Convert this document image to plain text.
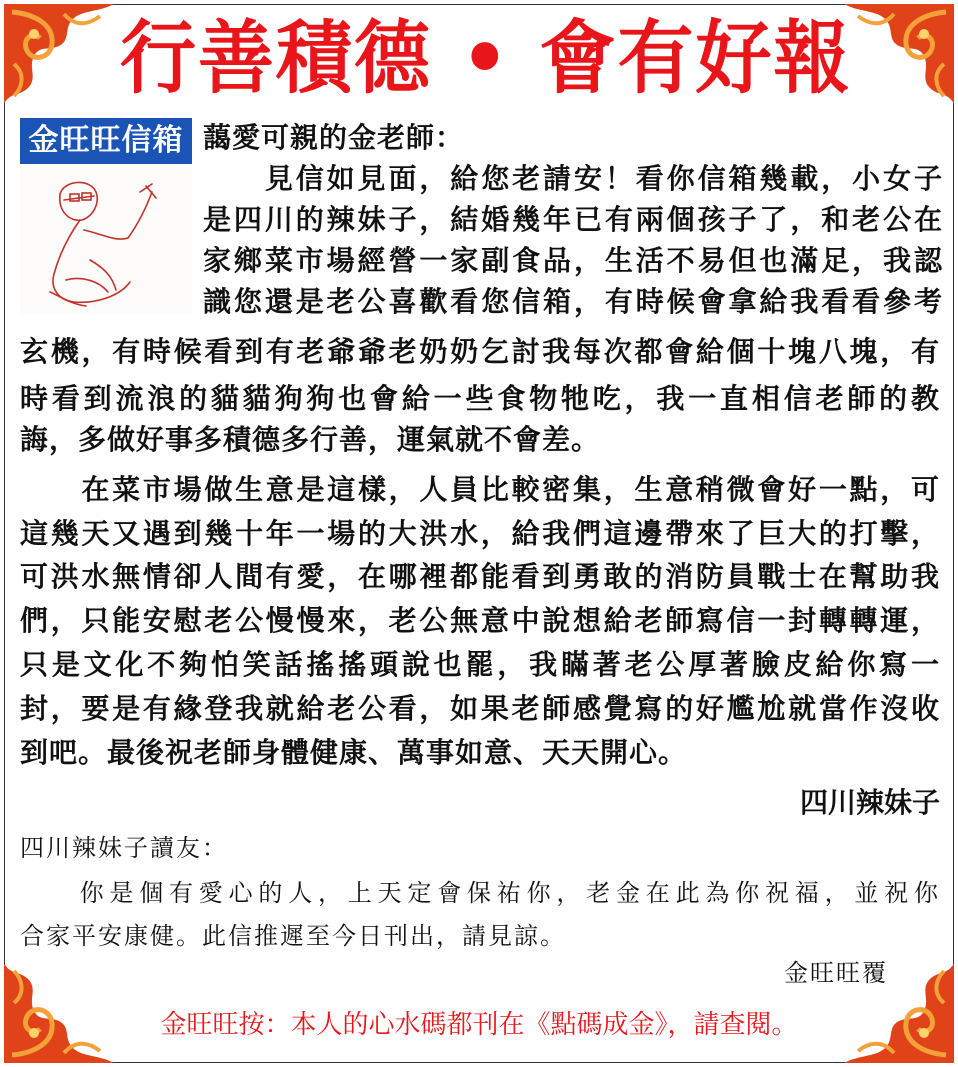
行善積德 • 會有好報
金旺旺信箱 藹愛可親的金老師：
　　見信如見面，給您老請安！看你信箱幾載，小女子
是四川的辣妹子，結婚幾年已有兩個孩子了，和老公在
家鄉菜市場經營一家副食品，生活不易但也滿足，我認
識您還是老公喜歡看您信箱，有時候會拿給我看看參考
玄機，有時候看到有老爺爺老奶奶乞討我每次都會給個十塊八塊，有
時看到流浪的貓貓狗狗也會給一些食物牠吃，我一直相信老師的教
誨，多做好事多積德多行善，運氣就不會差。
　　在菜市場做生意是這樣，人員比較密集，生意稍微會好一點，可
這幾天又遇到幾十年一場的大洪水，給我們這邊帶來了巨大的打擊，
可洪水無情卻人間有愛，在哪裡都能看到勇敢的消防員戰士在幫助我
們，只能安慰老公慢慢來，老公無意中說想給老師寫信一封轉轉運，
只是文化不夠怕笑話搖搖頭說也罷，我瞞著老公厚著臉皮給你寫一
封，要是有緣登我就給老公看，如果老師感覺寫的好尷尬就當作沒收
到吧。最後祝老師身體健康、萬事如意、天天開心。
四川辣妹子
四川辣妹子讀友：
　　你是個有愛心的人，上天定會保祐你，老金在此為你祝福，並祝你
合家平安康健。此信推遲至今日刊出，請見諒。
金旺旺覆
金旺旺按：本人的心水碼都刊在《點碼成金》，請查閱。
